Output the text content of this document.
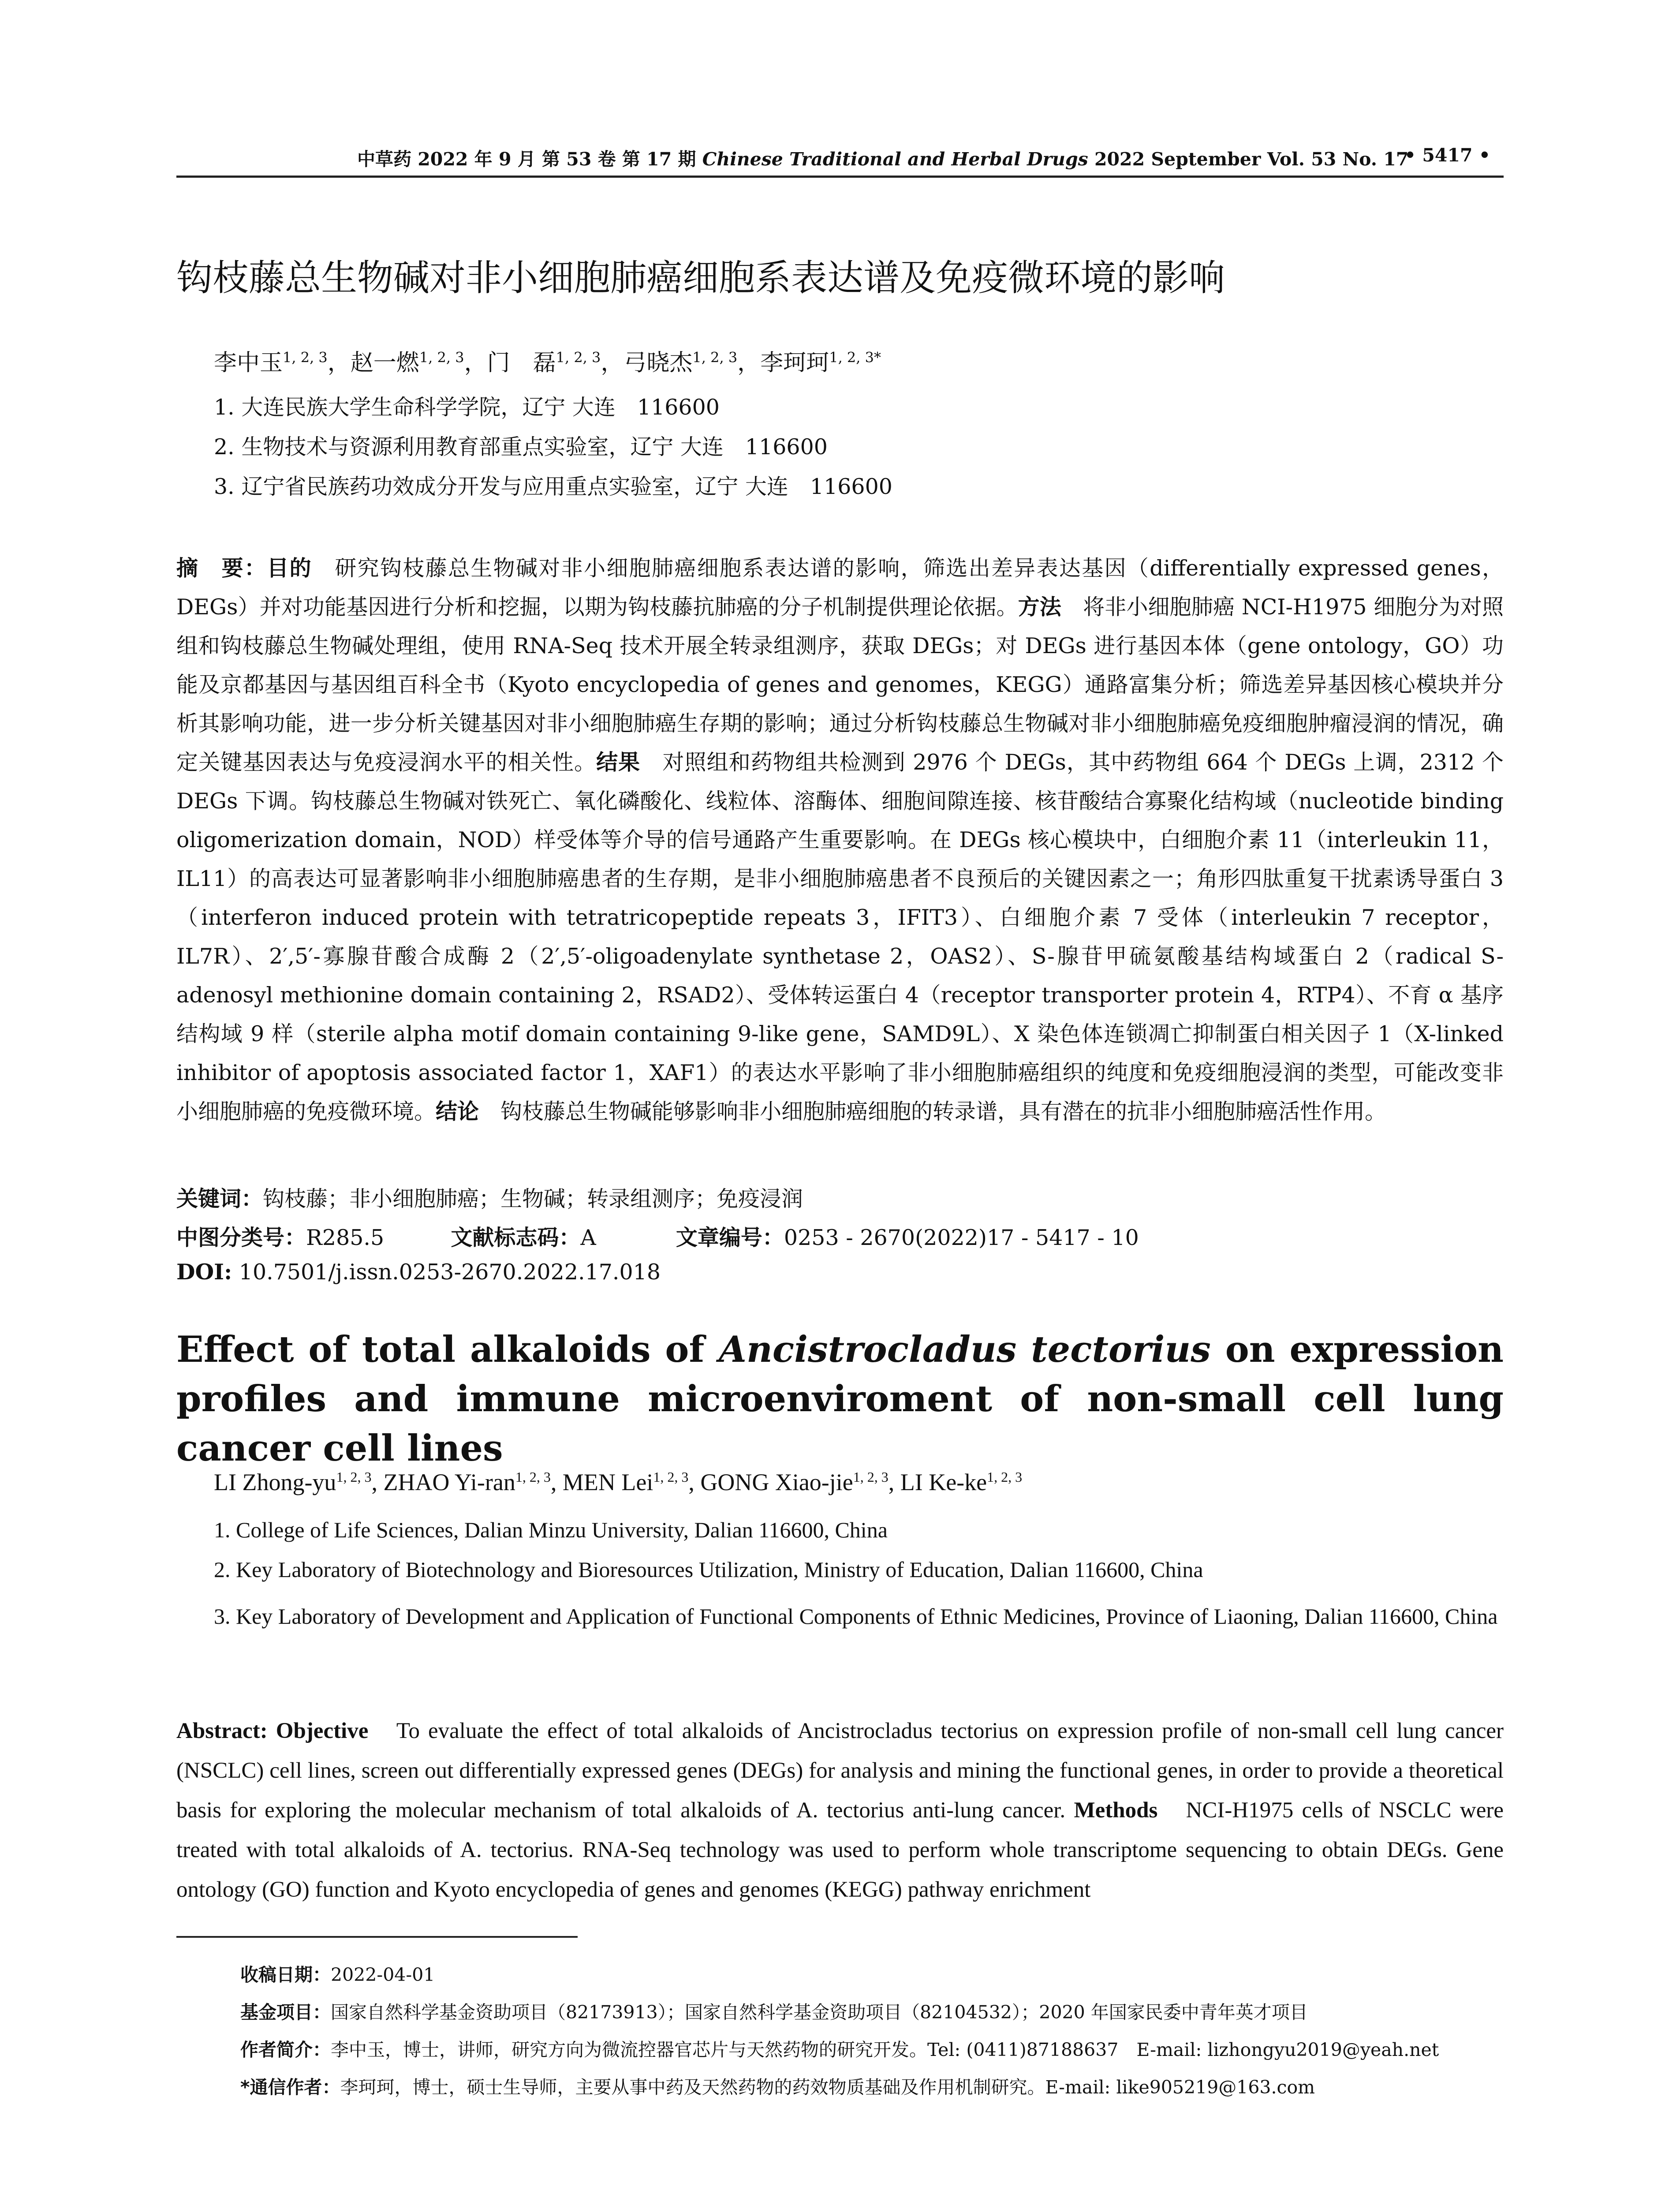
中草药 2022 年 9 月 第 53 卷 第 17 期 Chinese Traditional and Herbal Drugs 2022 September Vol. 53 No. 17
• 5417 •
钩枝藤总生物碱对非小细胞肺癌细胞系表达谱及免疫微环境的影响
李中玉$^{1, 2, 3}$，赵一燃$^{1, 2, 3}$，门　磊$^{1, 2, 3}$，弓晓杰$^{1, 2, 3}$，李珂珂$^{1, 2, 3*}$
1. 大连民族大学生命科学学院，辽宁 大连　116600
2. 生物技术与资源利用教育部重点实验室，辽宁 大连　116600
3. 辽宁省民族药功效成分开发与应用重点实验室，辽宁 大连　116600
摘　要：目的　 研究钩枝藤总生物碱对非小细胞肺癌细胞系表达谱的影响，筛选出差异表达基因（differentially expressed genes，DEGs）并对功能基因进行分析和挖掘，以期为钩枝藤抗肺癌的分子机制提供理论依据。方法　 将非小细胞肺癌 NCI-H1975 细胞分为对照组和钩枝藤总生物碱处理组，使用 RNA-Seq 技术开展全转录组测序，获取 DEGs；对 DEGs 进行基因本体（gene ontology，GO）功能及京都基因与基因组百科全书（Kyoto encyclopedia of genes and genomes，KEGG）通路富集分析；筛选差异基因核心模块并分析其影响功能，进一步分析关键基因对非小细胞肺癌生存期的影响；通过分析钩枝藤总生物碱对非小细胞肺癌免疫细胞肿瘤浸润的情况，确定关键基因表达与免疫浸润水平的相关性。结果　 对照组和药物组共检测到 2976 个 DEGs，其中药物组 664 个 DEGs 上调，2312 个 DEGs 下调。钩枝藤总生物碱对铁死亡、氧化磷酸化、线粒体、溶酶体、细胞间隙连接、核苷酸结合寡聚化结构域（nucleotide binding oligomerization domain，NOD）样受体等介导的信号通路产生重要影响。在 DEGs 核心模块中，白细胞介素 11（interleukin 11，IL11）的高表达可显著影响非小细胞肺癌患者的生存期，是非小细胞肺癌患者不良预后的关键因素之一；角形四肽重复干扰素诱导蛋白 3（interferon induced protein with tetratricopeptide repeats 3，IFIT3）、白细胞介素 7 受体（interleukin 7 receptor，IL7R）、2′,5′-寡腺苷酸合成酶 2（2′,5′-oligoadenylate synthetase 2，OAS2）、S-腺苷甲硫氨酸基结构域蛋白 2（radical S-adenosyl methionine domain containing 2，RSAD2）、受体转运蛋白 4（receptor transporter protein 4，RTP4）、不育 α 基序结构域 9 样（sterile alpha motif domain containing 9-like gene，SAMD9L）、X 染色体连锁凋亡抑制蛋白相关因子 1（X-linked inhibitor of apoptosis associated factor 1，XAF1）的表达水平影响了非小细胞肺癌组织的纯度和免疫细胞浸润的类型，可能改变非小细胞肺癌的免疫微环境。结论　 钩枝藤总生物碱能够影响非小细胞肺癌细胞的转录谱，具有潜在的抗非小细胞肺癌活性作用。
关键词：钩枝藤；非小细胞肺癌；生物碱；转录组测序；免疫浸润
中图分类号：R285.5	文献标志码：A	文章编号：0253 - 2670(2022)17 - 5417 - 10
DOI: 10.7501/j.issn.0253-2670.2022.17.018
Effect of total alkaloids of Ancistrocladus tectorius on expression profiles and immune microenviroment of non-small cell lung cancer cell lines
LI Zhong-yu$^{1, 2, 3}$, ZHAO Yi-ran$^{1, 2, 3}$, MEN Lei$^{1, 2, 3}$, GONG Xiao-jie$^{1, 2, 3}$, LI Ke-ke$^{1, 2, 3}$
1. College of Life Sciences, Dalian Minzu University, Dalian 116600, China
2. Key Laboratory of Biotechnology and Bioresources Utilization, Ministry of Education, Dalian 116600, China
3. Key Laboratory of Development and Application of Functional Components of Ethnic Medicines, Province of Liaoning, Dalian 116600, China
Abstract: Objective　 To evaluate the effect of total alkaloids of Ancistrocladus tectorius on expression profile of non-small cell lung cancer (NSCLC) cell lines, screen out differentially expressed genes (DEGs) for analysis and mining the functional genes, in order to provide a theoretical basis for exploring the molecular mechanism of total alkaloids of A. tectorius anti-lung cancer. Methods　 NCI-H1975 cells of NSCLC were treated with total alkaloids of A. tectorius. RNA-Seq technology was used to perform whole transcriptome sequencing to obtain DEGs. Gene ontology (GO) function and Kyoto encyclopedia of genes and genomes (KEGG) pathway enrichment
收稿日期：2022-04-01
基金项目：国家自然科学基金资助项目（82173913）；国家自然科学基金资助项目（82104532）；2020 年国家民委中青年英才项目
作者简介：李中玉，博士，讲师，研究方向为微流控器官芯片与天然药物的研究开发。Tel: (0411)87188637　E-mail: lizhongyu2019@yeah.net
*通信作者：李珂珂，博士，硕士生导师，主要从事中药及天然药物的药效物质基础及作用机制研究。E-mail: like905219@163.com
